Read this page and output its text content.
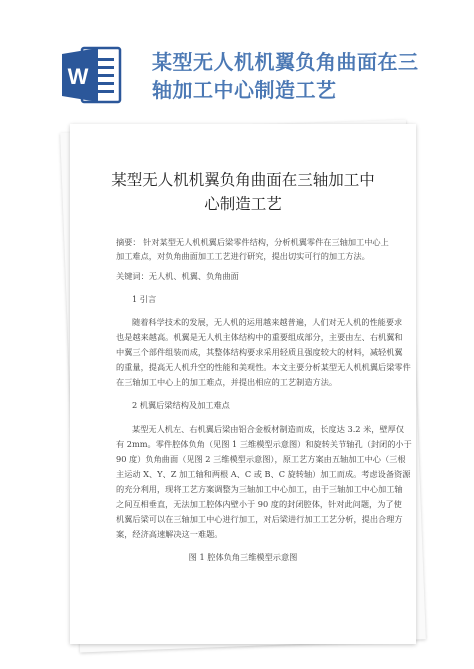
W
某型无人机机翼负角曲面在三
轴加工中心制造工艺
某型无人机机翼负角曲面在三轴加工中
心制造工艺
摘要： 针对某型无人机机翼后梁零件结构，分析机翼零件在三轴加工中心上
加工难点，对负角曲面加工工艺进行研究，提出切实可行的加工方法。
关键词：无人机、机翼、负角曲面
1 引言
随着科学技术的发展，无人机的运用越来越普遍，人们对无人机的性能要求
也是越来越高。机翼是无人机主体结构中的重要组成部分，主要由左、右机翼和
中翼三个部件组装而成，其整体结构要求采用轻质且强度较大的材料，减轻机翼
的重量，提高无人机升空的性能和美观性。本文主要分析某型无人机机翼后梁零件
在三轴加工中心上的加工难点，并提出相应的工艺制造方法。
2 机翼后梁结构及加工难点
某型无人机左、右机翼后梁由铝合金板材制造而成，长度达 3.2 米，壁厚仅
有 2mm。零件腔体负角（见图 1 三维模型示意图）和旋转关节轴孔（封闭的小于
90 度）负角曲面（见图 2 三维模型示意图），原工艺方案由五轴加工中心（三根
主运动 X、Y、Z 加工轴和两根 A、C 或 B、C 旋转轴）加工而成。考虑设备资源
的充分利用，现将工艺方案调整为三轴加工中心加工，由于三轴加工中心加工轴
之间互相垂直，无法加工腔体内壁小于 90 度的封闭腔体，针对此问题，为了使
机翼后梁可以在三轴加工中心进行加工，对后梁进行加工工艺分析，提出合理方
案，经济高速解决这一难题。
图 1 腔体负角三维模型示意图
